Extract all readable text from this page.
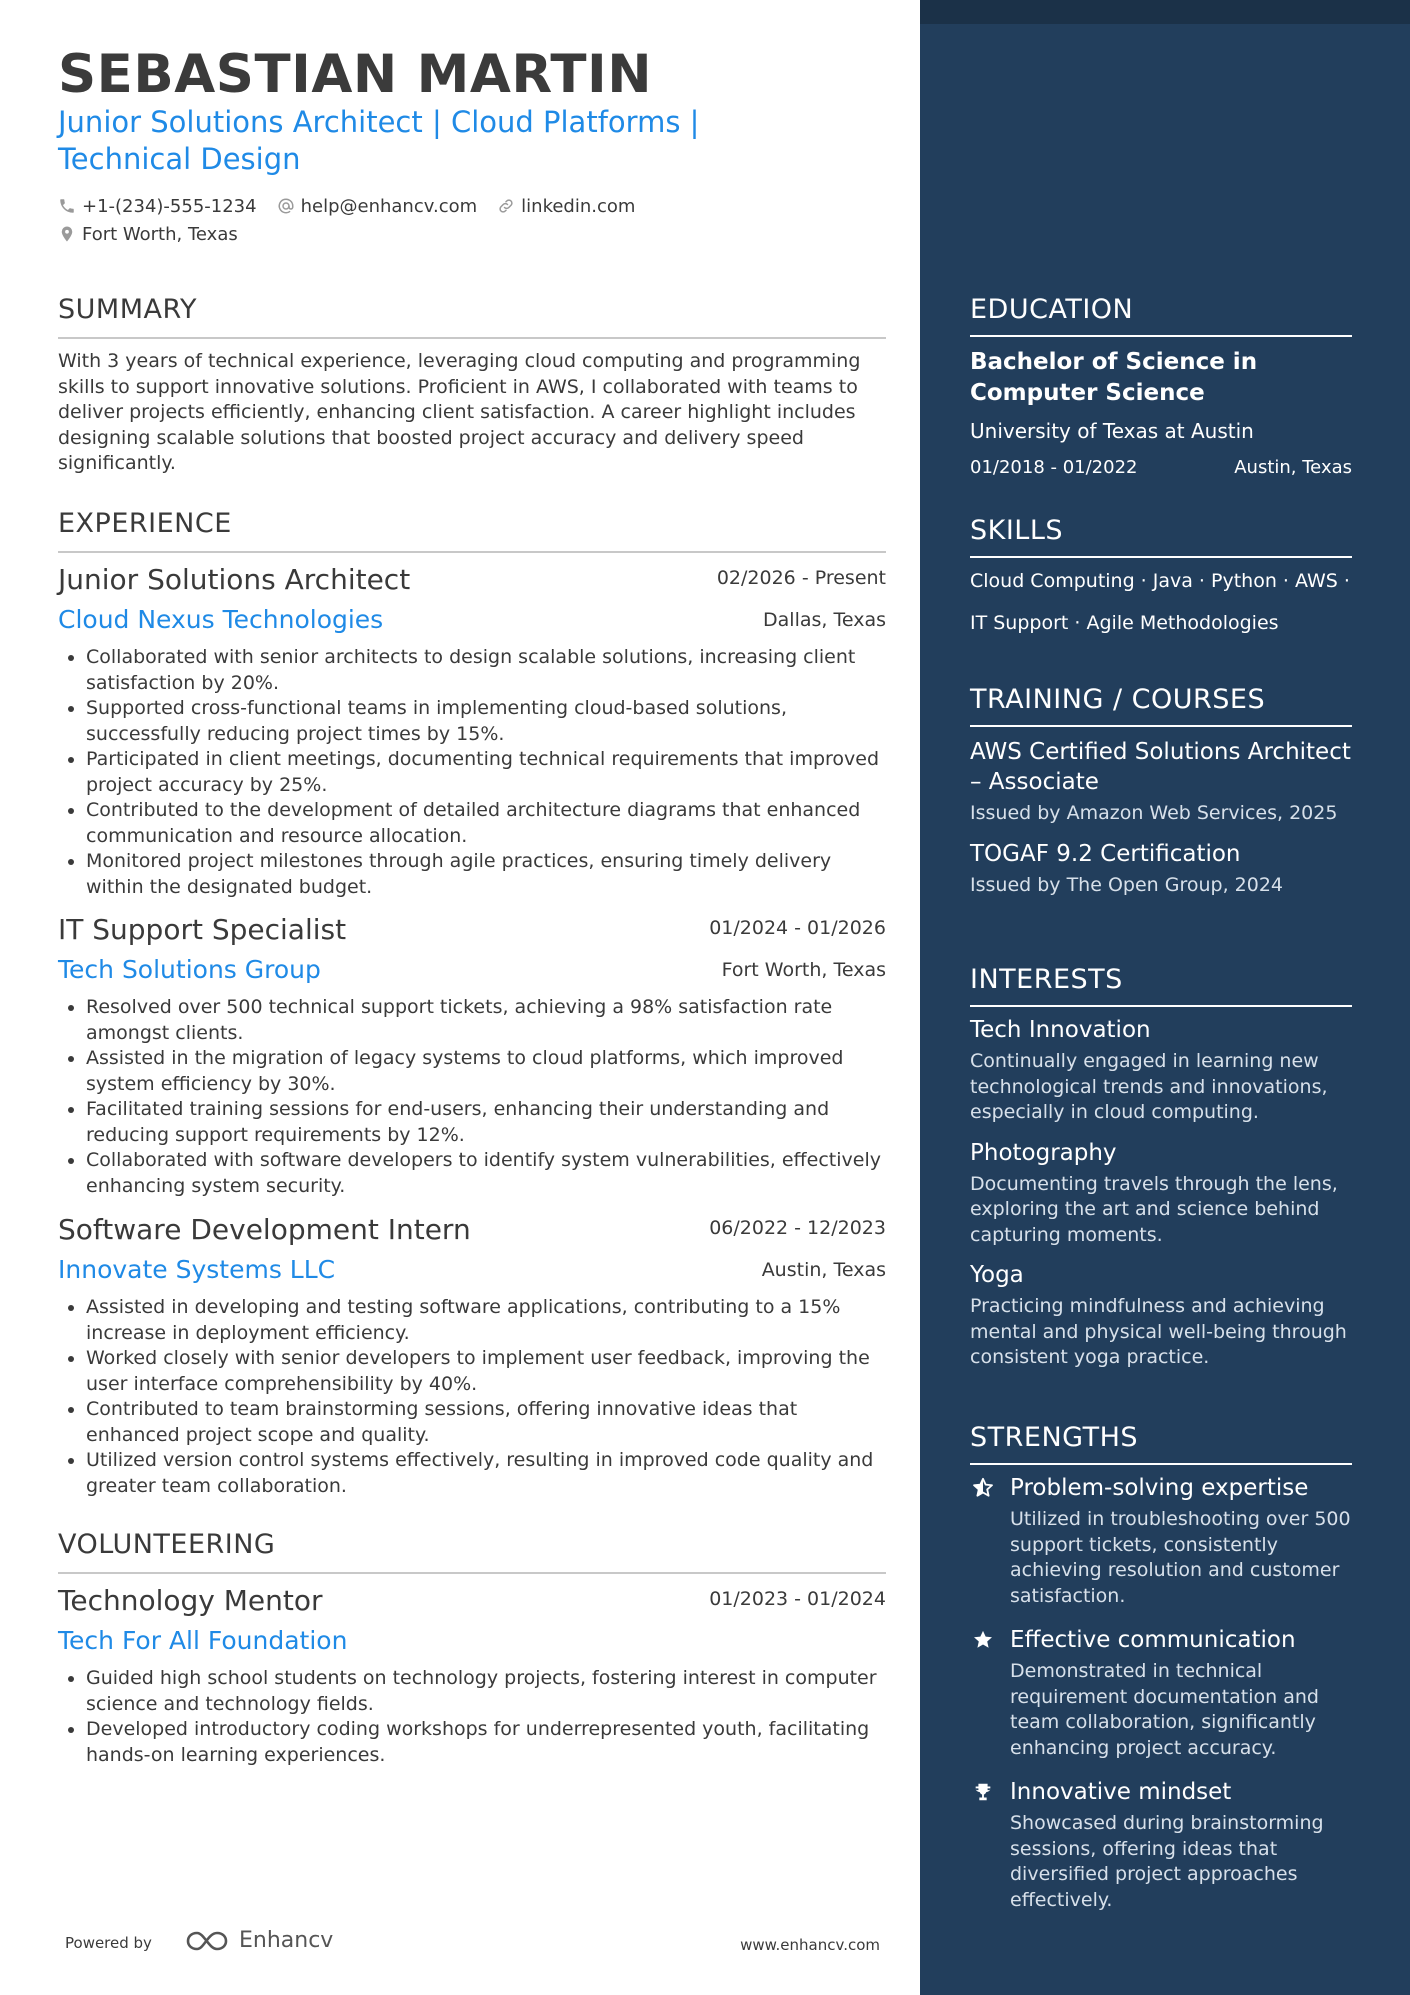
SEBASTIAN MARTIN
Junior Solutions Architect | Cloud Platforms | Technical Design
+1-(234)-555-1234 help@enhancv.com linkedin.com
Fort Worth, Texas
SUMMARY
With 3 years of technical experience, leveraging cloud computing and programming skills to support innovative solutions. Proficient in AWS, I collaborated with teams to deliver projects efficiently, enhancing client satisfaction. A career highlight includes designing scalable solutions that boosted project accuracy and delivery speed significantly.
EXPERIENCE
Junior Solutions Architect	02/2026 - Present
Cloud Nexus Technologies	Dallas, Texas
• Collaborated with senior architects to design scalable solutions, increasing client satisfaction by 20%.
• Supported cross-functional teams in implementing cloud-based solutions, successfully reducing project times by 15%.
• Participated in client meetings, documenting technical requirements that improved project accuracy by 25%.
• Contributed to the development of detailed architecture diagrams that enhanced communication and resource allocation.
• Monitored project milestones through agile practices, ensuring timely delivery within the designated budget.
IT Support Specialist	01/2024 - 01/2026
Tech Solutions Group	Fort Worth, Texas
• Resolved over 500 technical support tickets, achieving a 98% satisfaction rate amongst clients.
• Assisted in the migration of legacy systems to cloud platforms, which improved system efficiency by 30%.
• Facilitated training sessions for end-users, enhancing their understanding and reducing support requirements by 12%.
• Collaborated with software developers to identify system vulnerabilities, effectively enhancing system security.
Software Development Intern	06/2022 - 12/2023
Innovate Systems LLC	Austin, Texas
• Assisted in developing and testing software applications, contributing to a 15% increase in deployment efficiency.
• Worked closely with senior developers to implement user feedback, improving the user interface comprehensibility by 40%.
• Contributed to team brainstorming sessions, offering innovative ideas that enhanced project scope and quality.
• Utilized version control systems effectively, resulting in improved code quality and greater team collaboration.
VOLUNTEERING
Technology Mentor	01/2023 - 01/2024
Tech For All Foundation
• Guided high school students on technology projects, fostering interest in computer science and technology fields.
• Developed introductory coding workshops for underrepresented youth, facilitating hands-on learning experiences.
Powered by	Enhancv	www.enhancv.com
EDUCATION
Bachelor of Science in Computer Science
University of Texas at Austin
01/2018 - 01/2022	Austin, Texas
SKILLS
Cloud Computing · Java · Python · AWS ·
IT Support · Agile Methodologies
TRAINING / COURSES
AWS Certified Solutions Architect – Associate
Issued by Amazon Web Services, 2025
TOGAF 9.2 Certification
Issued by The Open Group, 2024
INTERESTS
Tech Innovation
Continually engaged in learning new technological trends and innovations, especially in cloud computing.
Photography
Documenting travels through the lens, exploring the art and science behind capturing moments.
Yoga
Practicing mindfulness and achieving mental and physical well-being through consistent yoga practice.
STRENGTHS
Problem-solving expertise
Utilized in troubleshooting over 500 support tickets, consistently achieving resolution and customer satisfaction.
Effective communication
Demonstrated in technical requirement documentation and team collaboration, significantly enhancing project accuracy.
Innovative mindset
Showcased during brainstorming sessions, offering ideas that diversified project approaches effectively.
